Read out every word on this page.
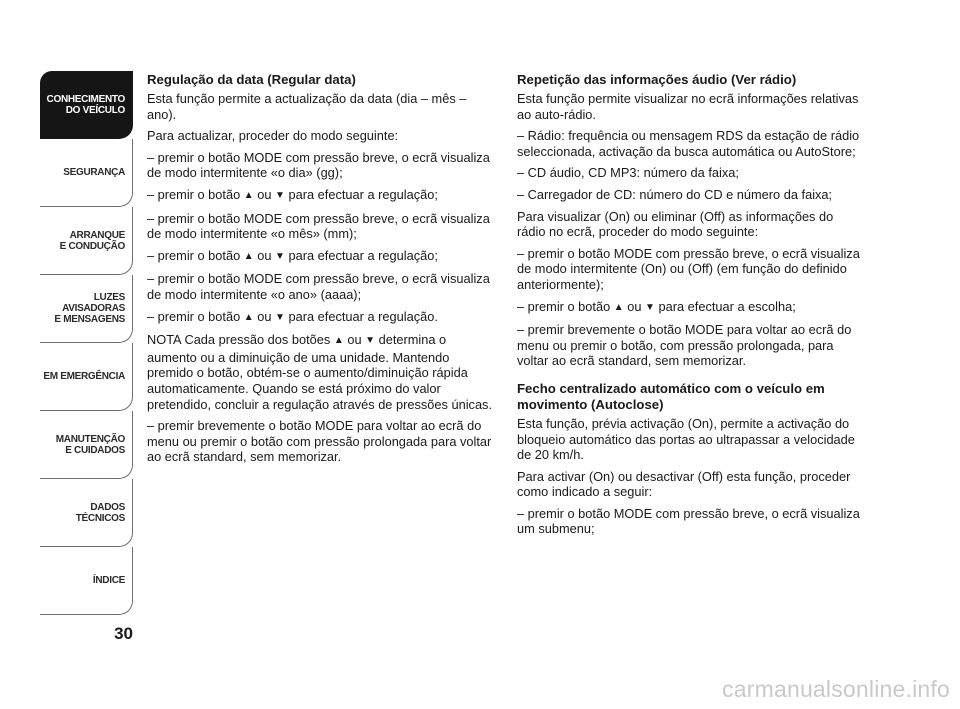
CONHECIMENTO
DO VEÍCULO
SEGURANÇA
ARRANQUE
E CONDUÇÃO
LUZES
AVISADORAS
E MENSAGENS
EM EMERGÊNCIA
MANUTENÇÃO
E CUIDADOS
DADOS
TÉCNICOS
ÍNDICE
30
Regulação da data (Regular data)

Esta função permite a actualização da data (dia – mês – ano).

Para actualizar, proceder do modo seguinte:

– premir o botão MODE com pressão breve, o ecrã visualiza de modo intermitente «o dia» (gg);

– premir o botão ▲ ou ▼ para efectuar a regulação;

– premir o botão MODE com pressão breve, o ecrã visualiza de modo intermitente «o mês» (mm);

– premir o botão ▲ ou ▼ para efectuar a regulação;

– premir o botão MODE com pressão breve, o ecrã visualiza de modo intermitente «o ano» (aaaa);

– premir o botão ▲ ou ▼ para efectuar a regulação.

NOTA Cada pressão dos botões ▲ ou ▼ determina o aumento ou a diminuição de uma unidade. Mantendo premido o botão, obtém-se o aumento/diminuição rápida automaticamente. Quando se está próximo do valor pretendido, concluir a regulação através de pressões únicas.

– premir brevemente o botão MODE para voltar ao ecrã do menu ou premir o botão com pressão prolongada para voltar ao ecrã standard, sem memorizar.

Repetição das informações áudio (Ver rádio)

Esta função permite visualizar no ecrã informações relativas ao auto-rádio.

– Rádio: frequência ou mensagem RDS da estação de rádio seleccionada, activação da busca automática ou AutoStore;

– CD áudio, CD MP3: número da faixa;

– Carregador de CD: número do CD e número da faixa;

Para visualizar (On) ou eliminar (Off) as informações do rádio no ecrã, proceder do modo seguinte:

– premir o botão MODE com pressão breve, o ecrã visualiza de modo intermitente (On) ou (Off) (em função do definido anteriormente);

– premir o botão ▲ ou ▼ para efectuar a escolha;

– premir brevemente o botão MODE para voltar ao ecrã do menu ou premir o botão, com pressão prolongada, para voltar ao ecrã standard, sem memorizar.

Fecho centralizado automático com o veículo em movimento (Autoclose)

Esta função, prévia activação (On), permite a activação do bloqueio automático das portas ao ultrapassar a velocidade de 20 km/h.

Para activar (On) ou desactivar (Off) esta função, proceder como indicado a seguir:

– premir o botão MODE com pressão breve, o ecrã visualiza um submenu;

carmanualsonline.info
